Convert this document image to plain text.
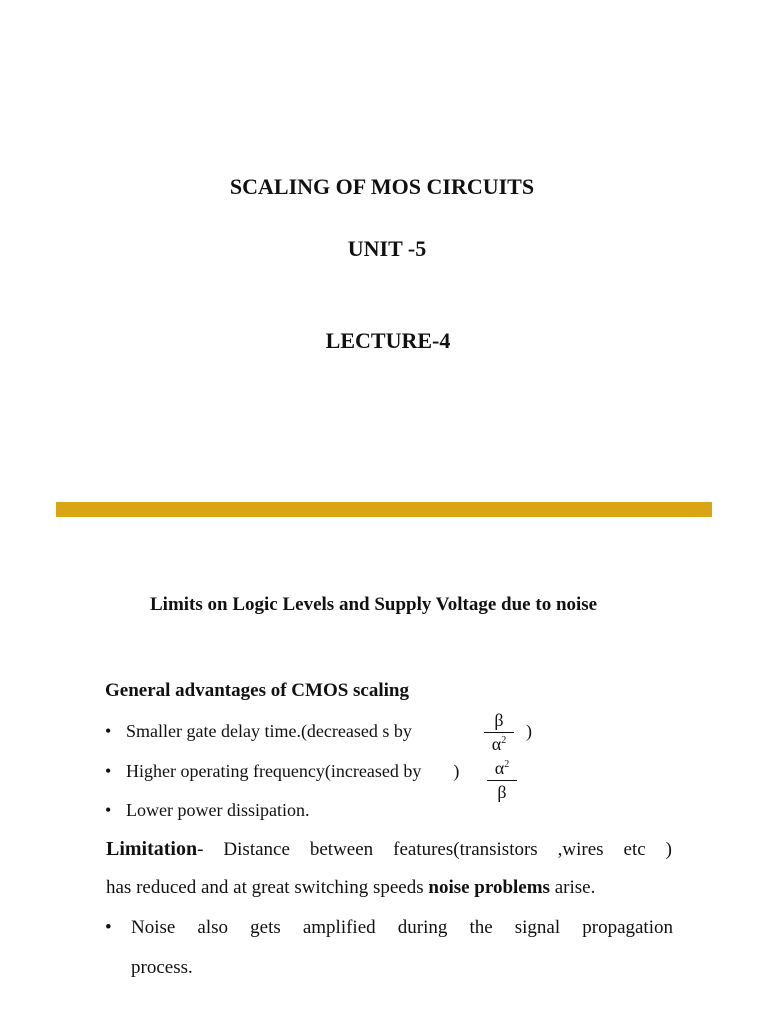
SCALING OF MOS CIRCUITS
UNIT -5
LECTURE-4
Limits on Logic Levels and Supply Voltage due to noise
General advantages of CMOS scaling
• Smaller gate delay time.(decreased s by
β
$\alpha^2$	)
• Higher operating frequency(increased by )	$\alpha^2$
β
• Lower power dissipation.
Limitation- Distance between features(transistors ,wires etc )
has reduced and at great switching speeds noise problems arise.
• Noise also gets amplified during the signal propagation
process.
